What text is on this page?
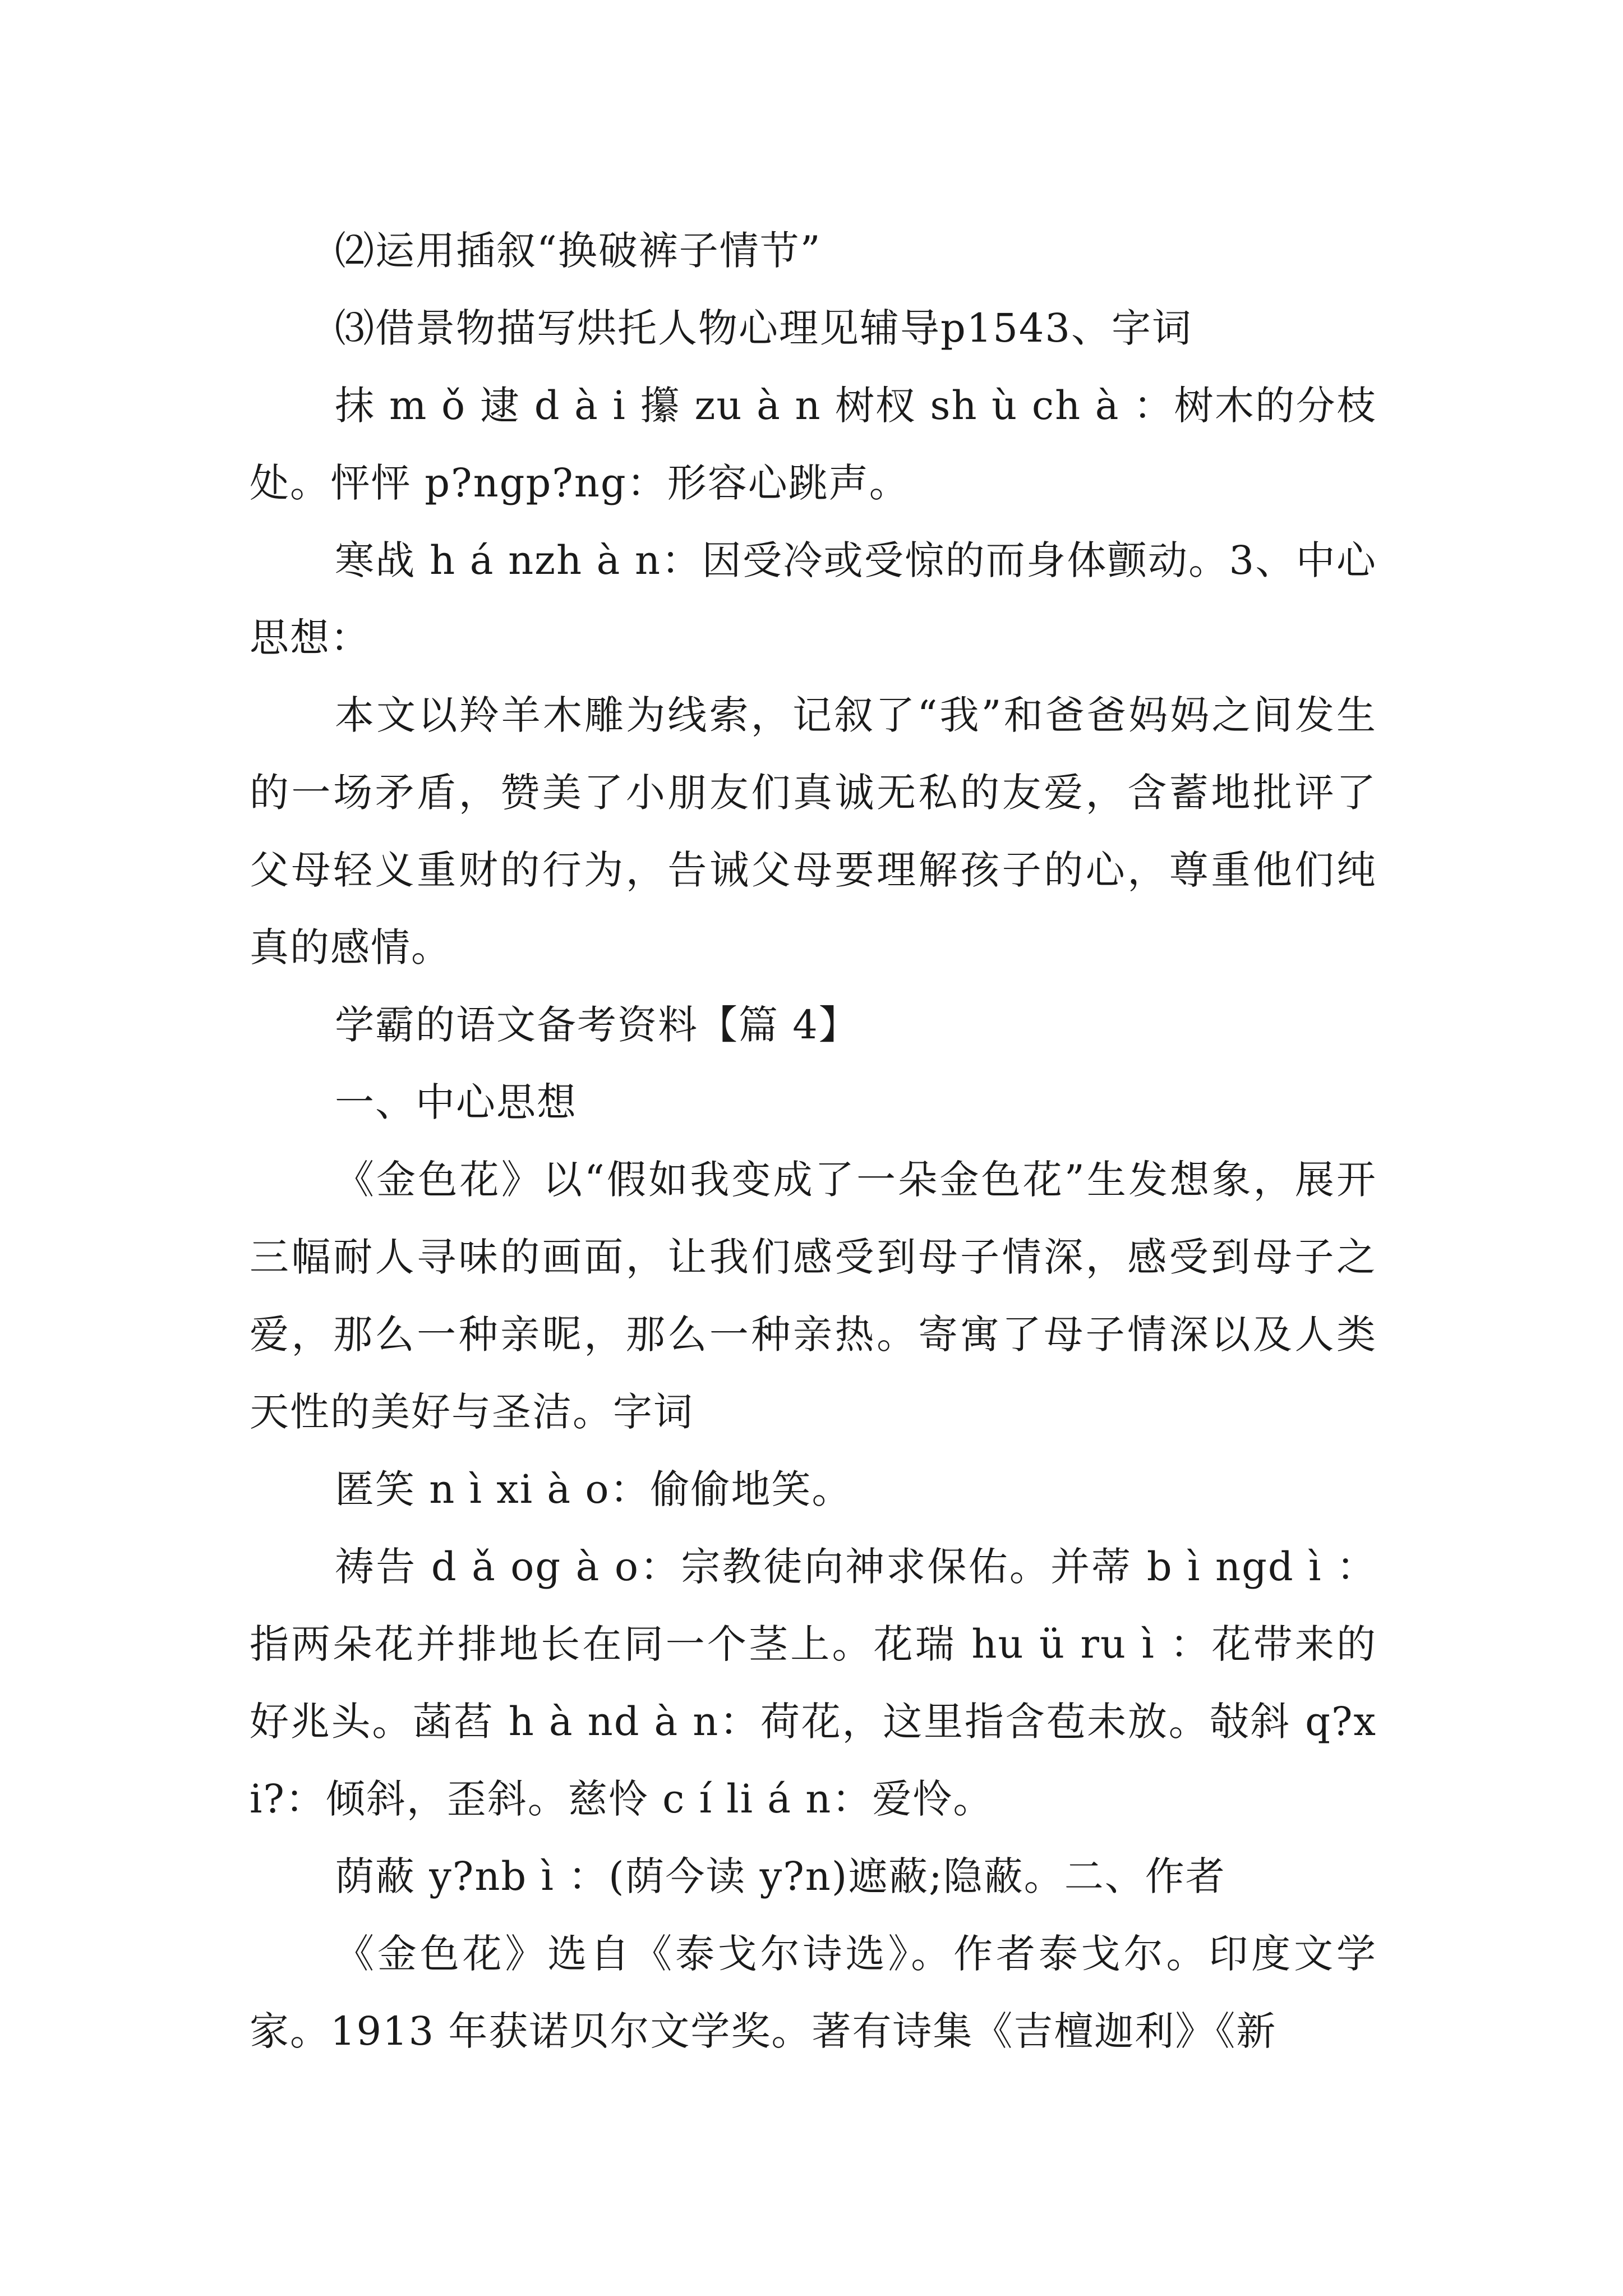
⑵运用插叙“换破裤子情节”

⑶借景物描写烘托人物心理见辅导p1543、字词

抹 m ǒ 逮 d à i 攥 zu à n 树杈 sh ù ch à ：树木的分枝处。怦怦 p?ngp?ng：形容心跳声。

寒战 h á nzh à n：因受冷或受惊的而身体颤动。3、中心思想：

本文以羚羊木雕为线索，记叙了“我”和爸爸妈妈之间发生的一场矛盾，赞美了小朋友们真诚无私的友爱，含蓄地批评了父母轻义重财的行为，告诫父母要理解孩子的心，尊重他们纯真的感情。

学霸的语文备考资料【篇 4】

一、中心思想

《金色花》以“假如我变成了一朵金色花”生发想象，展开三幅耐人寻味的画面，让我们感受到母子情深，感受到母子之爱，那么一种亲昵，那么一种亲热。寄寓了母子情深以及人类天性的美好与圣洁。字词

匿笑 n ì xi à o：偷偷地笑。

祷告 d ǎ og à o：宗教徒向神求保佑。并蒂 b ì ngd ì ：指两朵花并排地长在同一个茎上。花瑞 hu ü ru ì ：花带来的好兆头。菡萏 h à nd à n：荷花，这里指含苞未放。敧斜 q?xi?：倾斜，歪斜。慈怜 c í li á n：爱怜。

荫蔽 y?nb ì ：(荫今读 y?n)遮蔽;隐蔽。二、作者

《金色花》选自《泰戈尔诗选》。作者泰戈尔。印度文学家。1913 年获诺贝尔文学奖。著有诗集《吉檀迦利》《新
